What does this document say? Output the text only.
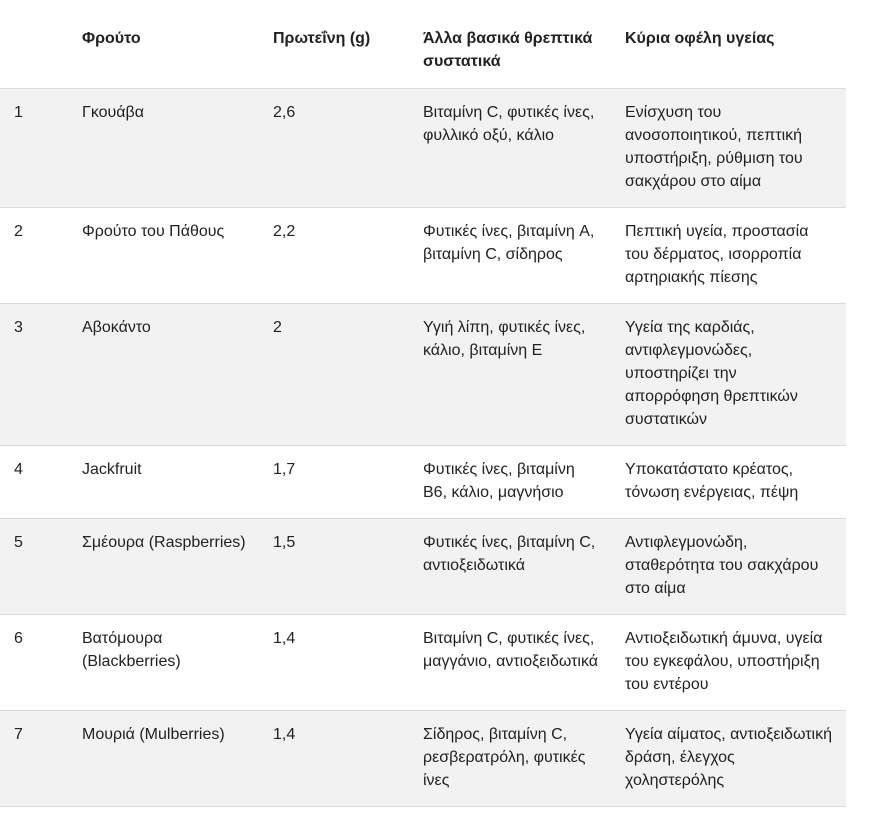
	Φρούτο	Πρωτεΐνη (g)	Άλλα βασικά θρεπτικά συστατικά	Κύρια οφέλη υγείας
1	Γκουάβα	2,6	Βιταμίνη C, φυτικές ίνες, φυλλικό οξύ, κάλιο	Ενίσχυση του ανοσοποιητικού, πεπτική υποστήριξη, ρύθμιση του σακχάρου στο αίμα
2	Φρούτο του Πάθους	2,2	Φυτικές ίνες, βιταμίνη A, βιταμίνη C, σίδηρος	Πεπτική υγεία, προστασία του δέρματος, ισορροπία αρτηριακής πίεσης
3	Αβοκάντο	2	Υγιή λίπη, φυτικές ίνες, κάλιο, βιταμίνη E	Υγεία της καρδιάς, αντιφλεγμονώδες, υποστηρίζει την απορρόφηση θρεπτικών συστατικών
4	Jackfruit	1,7	Φυτικές ίνες, βιταμίνη B6, κάλιο, μαγνήσιο	Υποκατάστατο κρέατος, τόνωση ενέργειας, πέψη
5	Σμέουρα (Raspberries)	1,5	Φυτικές ίνες, βιταμίνη C, αντιοξειδωτικά	Αντιφλεγμονώδη, σταθερότητα του σακχάρου στο αίμα
6	Βατόμουρα (Blackberries)	1,4	Βιταμίνη C, φυτικές ίνες, μαγγάνιο, αντιοξειδωτικά	Αντιοξειδωτική άμυνα, υγεία του εγκεφάλου, υποστήριξη του εντέρου
7	Μουριά (Mulberries)	1,4	Σίδηρος, βιταμίνη C, ρεσβερατρόλη, φυτικές ίνες	Υγεία αίματος, αντιοξειδωτική δράση, έλεγχος χοληστερόλης
